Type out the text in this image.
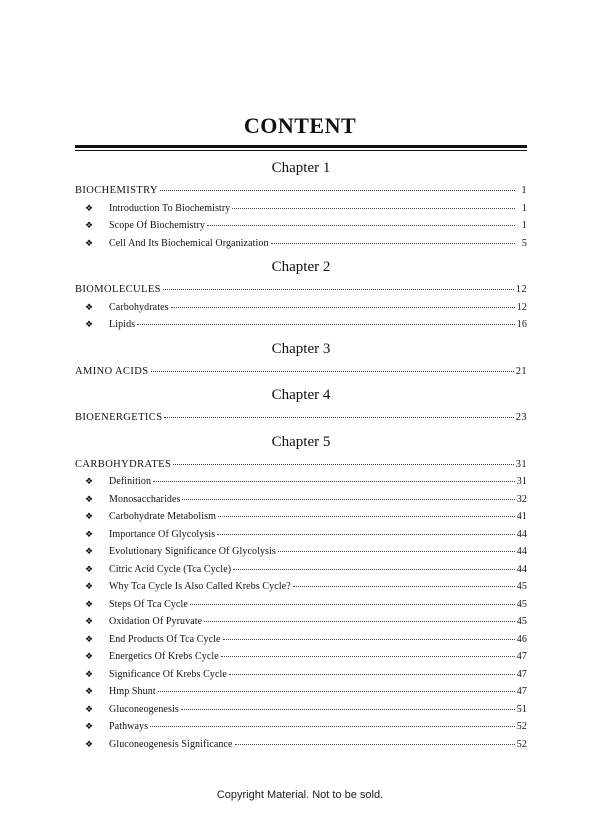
CONTENT
Chapter 1
BIOCHEMISTRY	1
❖	Introduction To Biochemistry	1
❖	Scope Of Biochemistry	1
❖	Cell And Its Biochemical Organization	5
Chapter 2
BIOMOLECULES	12
❖	Carbohydrates	12
❖	Lipids	16
Chapter 3
AMINO ACIDS	21
Chapter 4
BIOENERGETICS	23
Chapter 5
CARBOHYDRATES	31
❖	Definition	31
❖	Monosaccharides	32
❖	Carbohydrate Metabolism	41
❖	Importance Of Glycolysis	44
❖	Evolutionary Significance Of Glycolysis	44
❖	Citric Acid Cycle (Tca Cycle)	44
❖	Why Tca Cycle Is Also Called Krebs Cycle?	45
❖	Steps Of Tca Cycle	45
❖	Oxidation Of Pyruvate	45
❖	End Products Of Tca Cycle	46
❖	Energetics Of Krebs Cycle	47
❖	Significance Of Krebs Cycle	47
❖	Hmp Shunt	47
❖	Gluconeogenesis	51
❖	Pathways	52
❖	Gluconeogenesis Significance	52
Copyright Material. Not to be sold.
